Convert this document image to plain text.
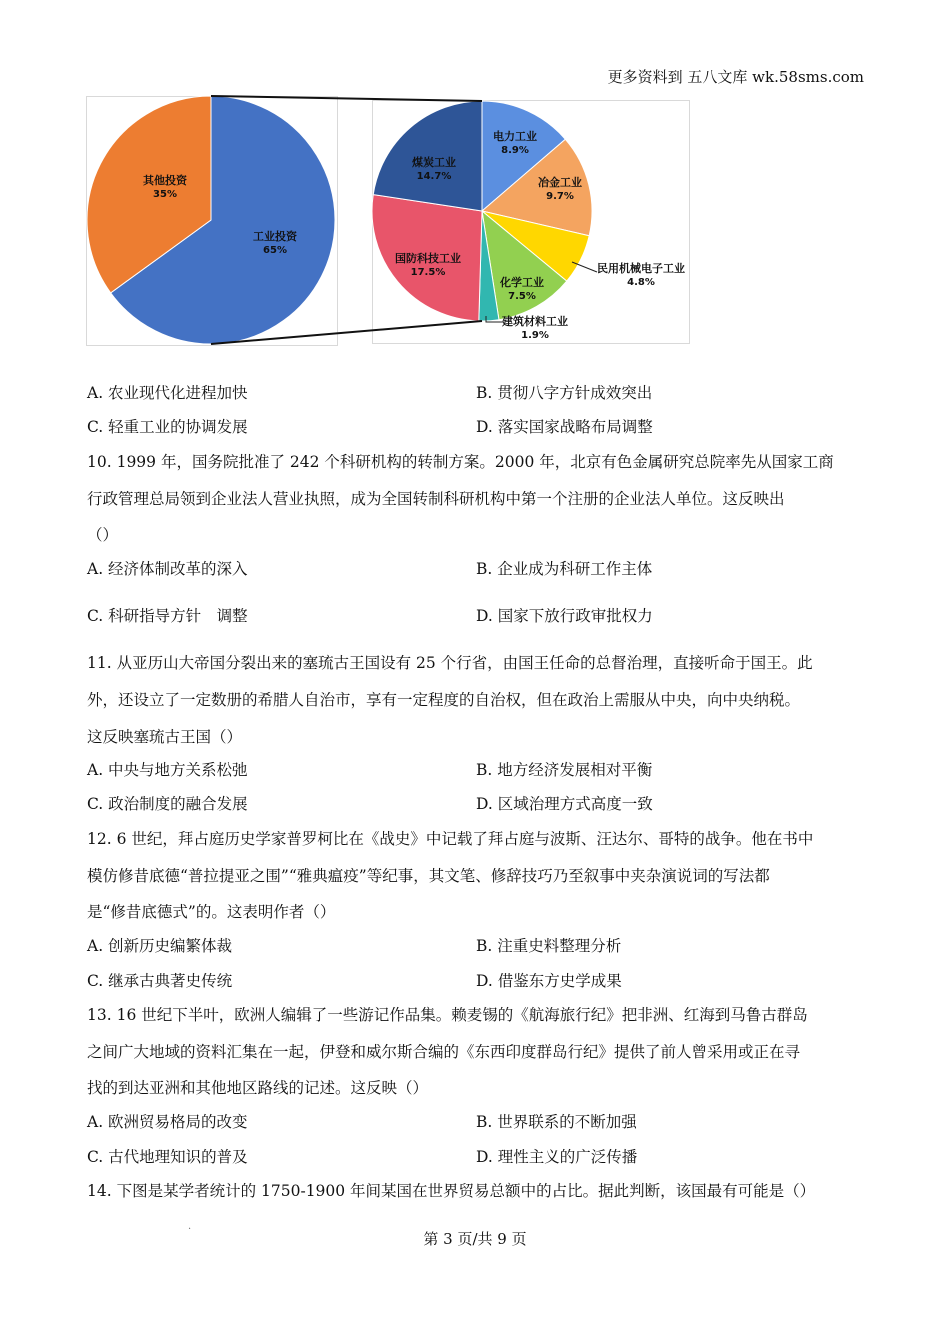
更多资料到 五八文库 wk.58sms.com
工业投资
65%
其他投资
35%
电力工业
8.9%
冶金工业
9.7%
民用机械电子工业
4.8%
化学工业
7.5%
建筑材料工业
1.9%
国防科技工业
17.5%
煤炭工业
14.7%
A. 农业现代化进程加快	B. 贯彻八字方针成效突出
C. 轻重工业的协调发展	D. 落实国家战略布局调整
10. 1999 年，国务院批准了 242 个科研机构的转制方案。2000 年，北京有色金属研究总院率先从国家工商
行政管理总局领到企业法人营业执照，成为全国转制科研机构中第一个注册的企业法人单位。这反映出
（）
A. 经济体制改革的深入	B. 企业成为科研工作主体
C. 科研指导方针　调整	D. 国家下放行政审批权力
11. 从亚历山大帝国分裂出来的塞琉古王国设有 25 个行省，由国王任命的总督治理，直接听命于国王。此
外，还设立了一定数册的希腊人自治市，享有一定程度的自治权，但在政治上需服从中央，向中央纳税。
这反映塞琉古王国（）
A. 中央与地方关系松弛	B. 地方经济发展相对平衡
C. 政治制度的融合发展	D. 区域治理方式高度一致
12. 6 世纪，拜占庭历史学家普罗柯比在《战史》中记载了拜占庭与波斯、汪达尔、哥特的战争。他在书中
模仿修昔底德“普拉提亚之围”“雅典瘟疫”等纪事，其文笔、修辞技巧乃至叙事中夹杂演说词的写法都
是“修昔底德式”的。这表明作者（）
A. 创新历史编繁体裁	B. 注重史料整理分析
C. 继承古典著史传统	D. 借鉴东方史学成果
13. 16 世纪下半叶，欧洲人编辑了一些游记作品集。赖麦锡的《航海旅行纪》把非洲、红海到马鲁古群岛
之间广大地域的资料汇集在一起，伊登和威尔斯合编的《东西印度群岛行纪》提供了前人曾采用或正在寻
找的到达亚洲和其他地区路线的记述。这反映（）
A. 欧洲贸易格局的改变	B. 世界联系的不断加强
C. 古代地理知识的普及	D. 理性主义的广泛传播
14. 下图是某学者统计的 1750-1900 年间某国在世界贸易总额中的占比。据此判断，该国最有可能是（）
·
第 3 页/共 9 页
